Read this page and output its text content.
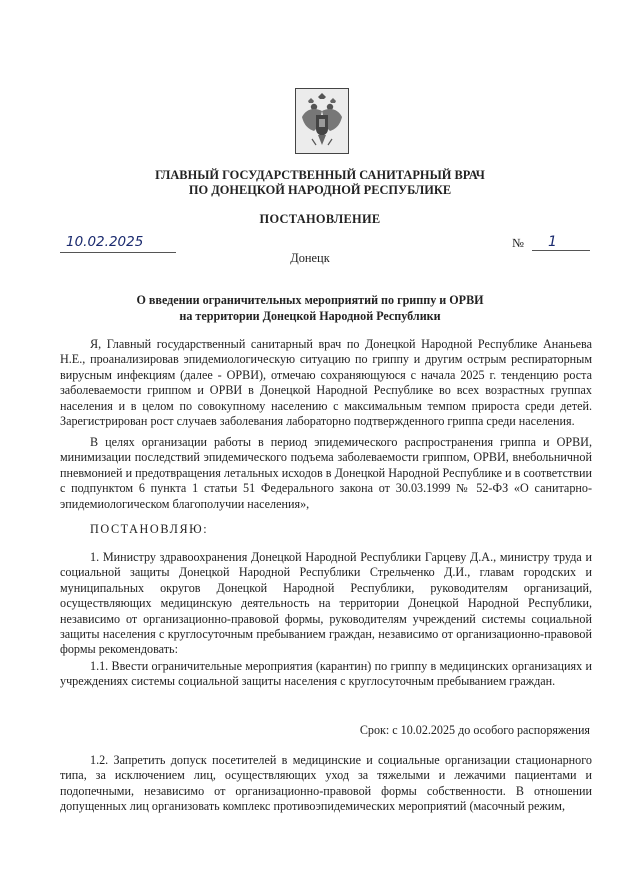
ГЛАВНЫЙ ГОСУДАРСТВЕННЫЙ САНИТАРНЫЙ ВРАЧ
ПО ДОНЕЦКОЙ НАРОДНОЙ РЕСПУБЛИКЕ
ПОСТАНОВЛЕНИЕ
10.02.2025	№	1
Донецк
О введении ограничительных мероприятий по гриппу и ОРВИ
на территории Донецкой Народной Республики
Я, Главный государственный санитарный врач по Донецкой Народной Республике Ананьева Н.Е., проанализировав эпидемиологическую ситуацию по гриппу и другим острым респираторным вирусным инфекциям (далее - ОРВИ), отмечаю сохраняющуюся с начала 2025 г. тенденцию роста заболеваемости гриппом и ОРВИ в Донецкой Народной Республике во всех возрастных группах населения и в целом по совокупному населению с максимальным темпом прироста среди детей. Зарегистрирован рост случаев заболевания лабораторно подтвержденного гриппа среди населения.
В целях организации работы в период эпидемического распространения гриппа и ОРВИ, минимизации последствий эпидемического подъема заболеваемости гриппом, ОРВИ, внебольничной пневмонией и предотвращения летальных исходов в Донецкой Народной Республике и в соответствии с подпунктом 6 пункта 1 статьи 51 Федерального закона от 30.03.1999 № 52-ФЗ «О санитарно-эпидемиологическом благополучии населения»,
ПОСТАНОВЛЯЮ:
1. Министру здравоохранения Донецкой Народной Республики Гарцеву Д.А., министру труда и социальной защиты Донецкой Народной Республики Стрельченко Д.И., главам городских и муниципальных округов Донецкой Народной Республики, руководителям организаций, осуществляющих медицинскую деятельность на территории Донецкой Народной Республики, независимо от организационно-правовой формы, руководителям учреждений системы социальной защиты населения с круглосуточным пребыванием граждан, независимо от организационно-правовой формы рекомендовать:
1.1. Ввести ограничительные мероприятия (карантин) по гриппу в медицинских организациях и учреждениях системы социальной защиты населения с круглосуточным пребыванием граждан.
Срок: с 10.02.2025 до особого распоряжения
1.2. Запретить допуск посетителей в медицинские и социальные организации стационарного типа, за исключением лиц, осуществляющих уход за тяжелыми и лежачими пациентами и подопечными, независимо от организационно-правовой формы собственности. В отношении допущенных лиц организовать комплекс противоэпидемических мероприятий (масочный режим,
